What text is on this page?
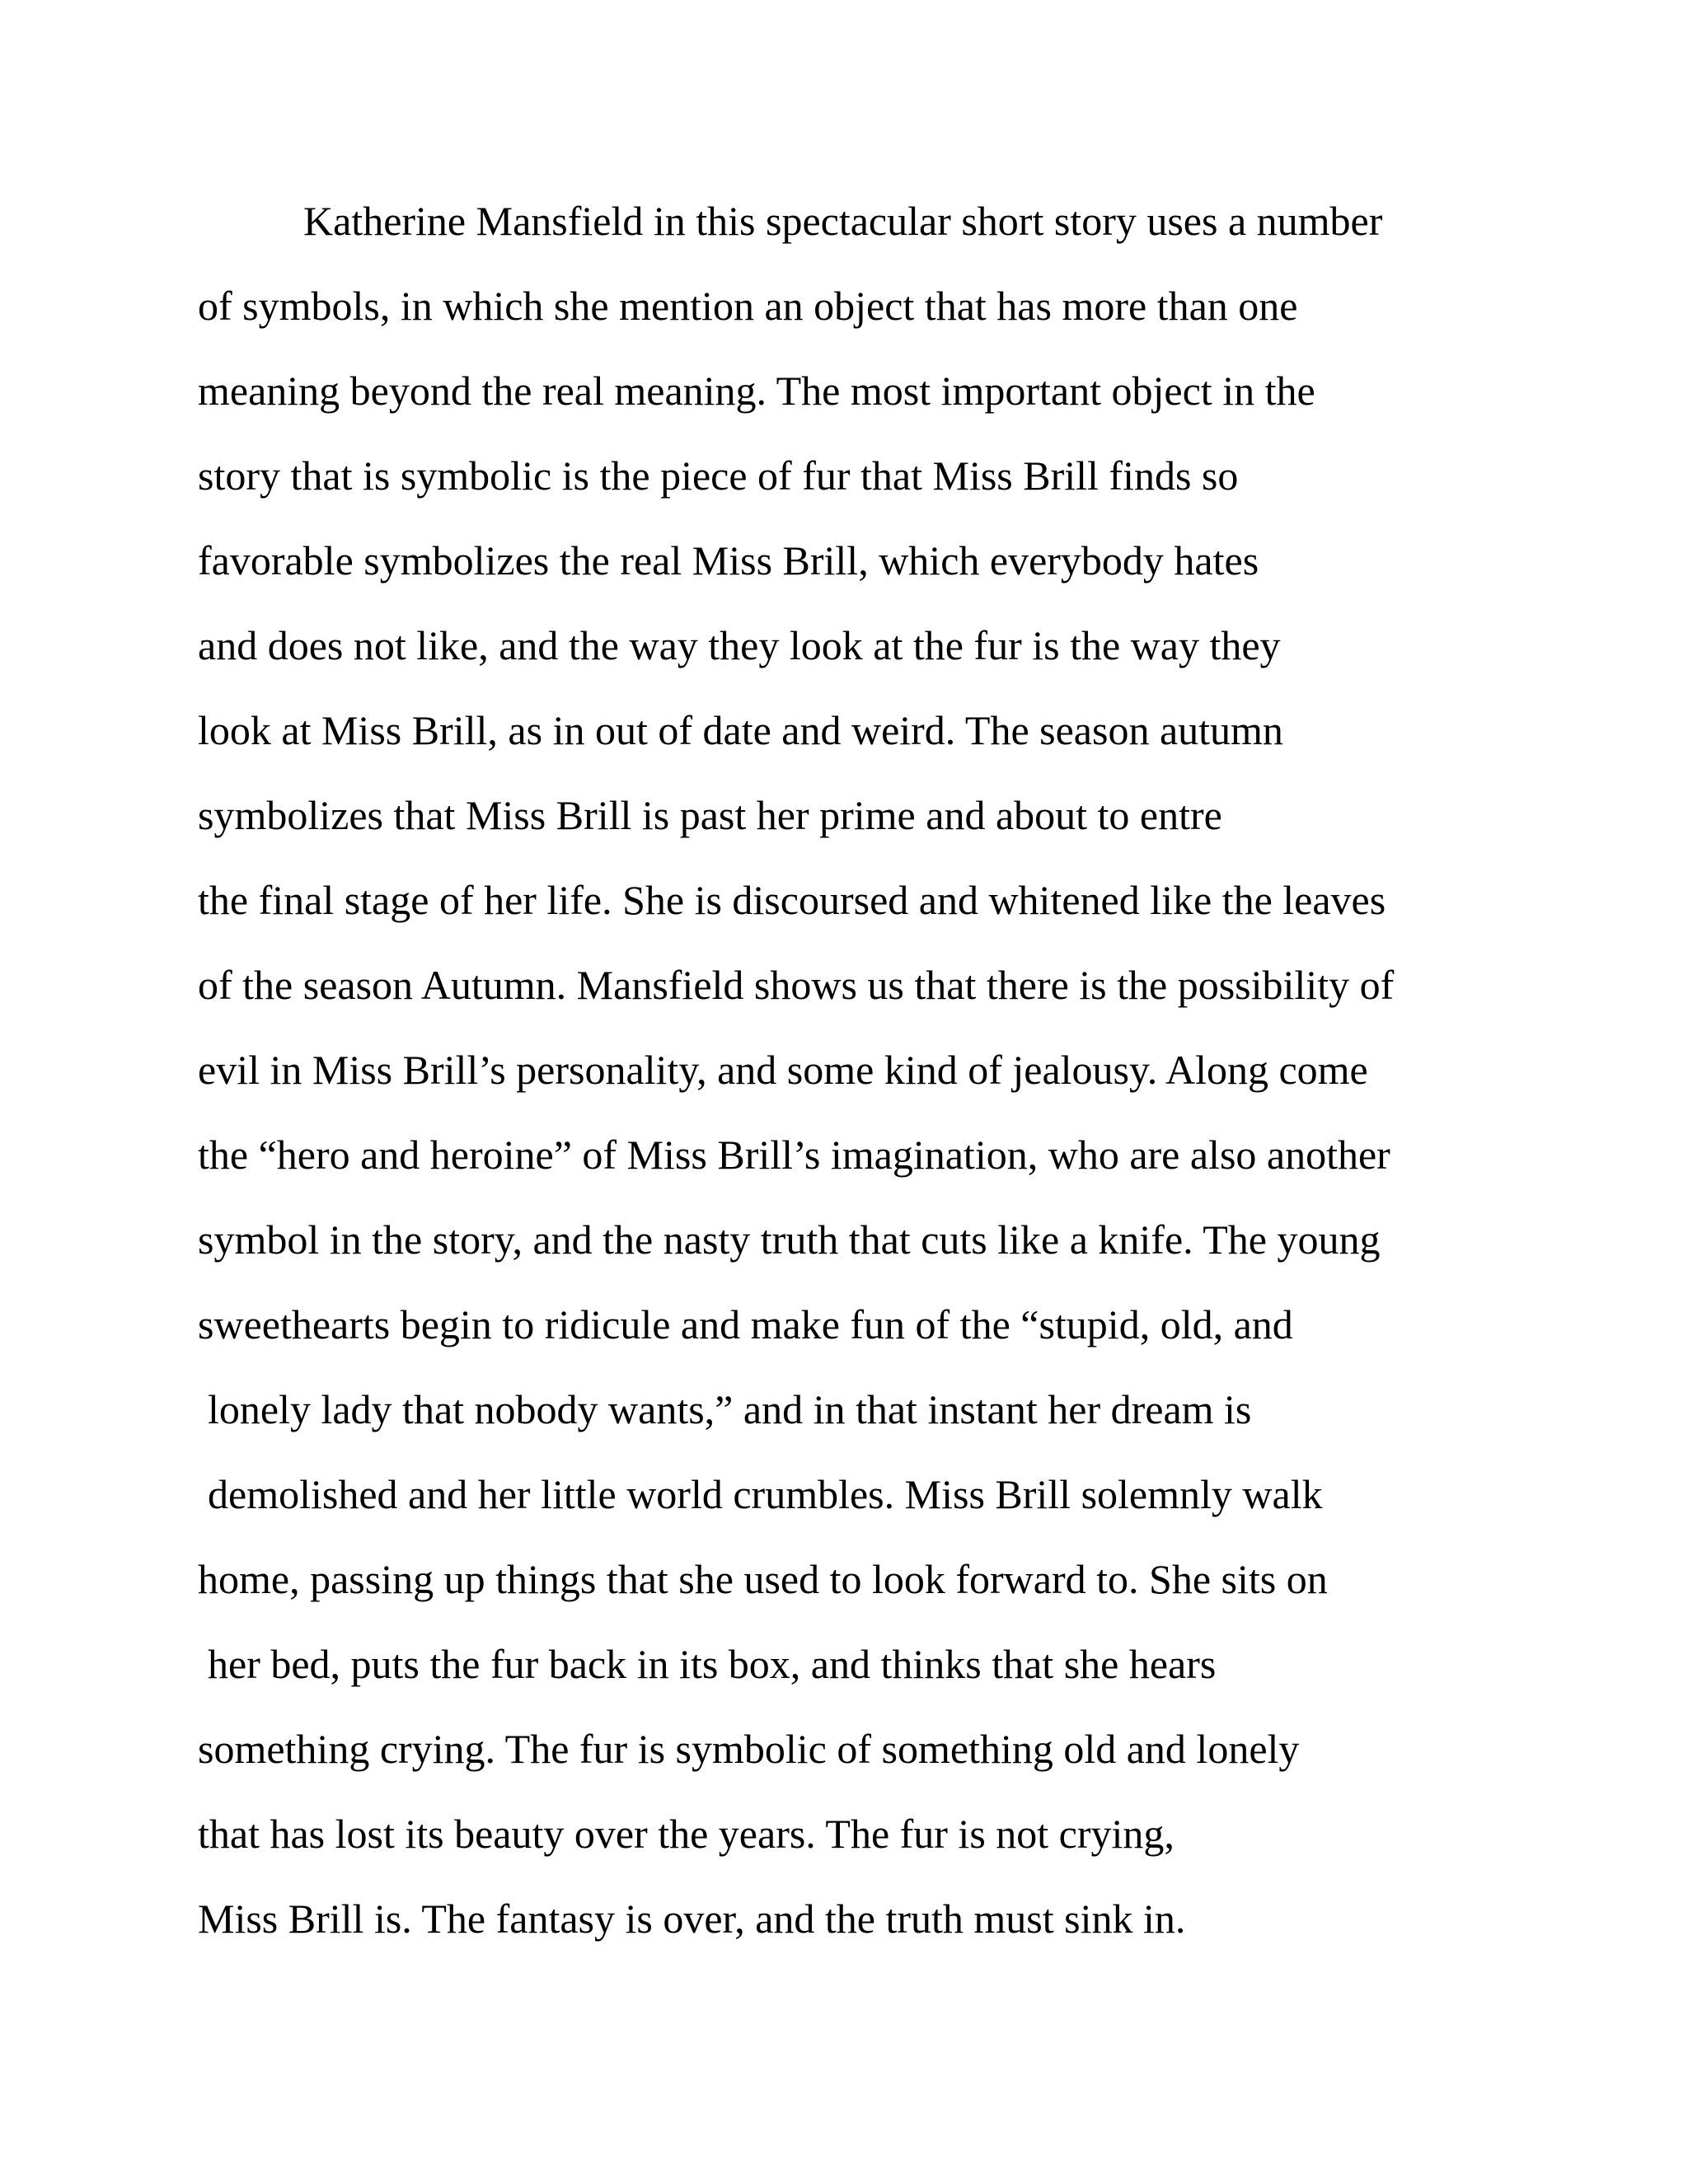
Katherine Mansfield in this spectacular short story uses a number
of symbols, in which she mention an object that has more than one
meaning beyond the real meaning. The most important object in the
story that is symbolic is the piece of fur that Miss Brill finds so
favorable symbolizes the real Miss Brill, which everybody hates
and does not like, and the way they look at the fur is the way they
look at Miss Brill, as in out of date and weird. The season autumn
symbolizes that Miss Brill is past her prime and about to entre
the final stage of her life. She is discoursed and whitened like the leaves
of the season Autumn. Mansfield shows us that there is the possibility of
evil in Miss Brill’s personality, and some kind of jealousy. Along come
the “hero and heroine” of Miss Brill’s imagination, who are also another
symbol in the story, and the nasty truth that cuts like a knife. The young
sweethearts begin to ridicule and make fun of the “stupid, old, and
lonely lady that nobody wants,” and in that instant her dream is
demolished and her little world crumbles. Miss Brill solemnly walk
home, passing up things that she used to look forward to. She sits on
her bed, puts the fur back in its box, and thinks that she hears
something crying. The fur is symbolic of something old and lonely
that has lost its beauty over the years. The fur is not crying,
Miss Brill is. The fantasy is over, and the truth must sink in.
